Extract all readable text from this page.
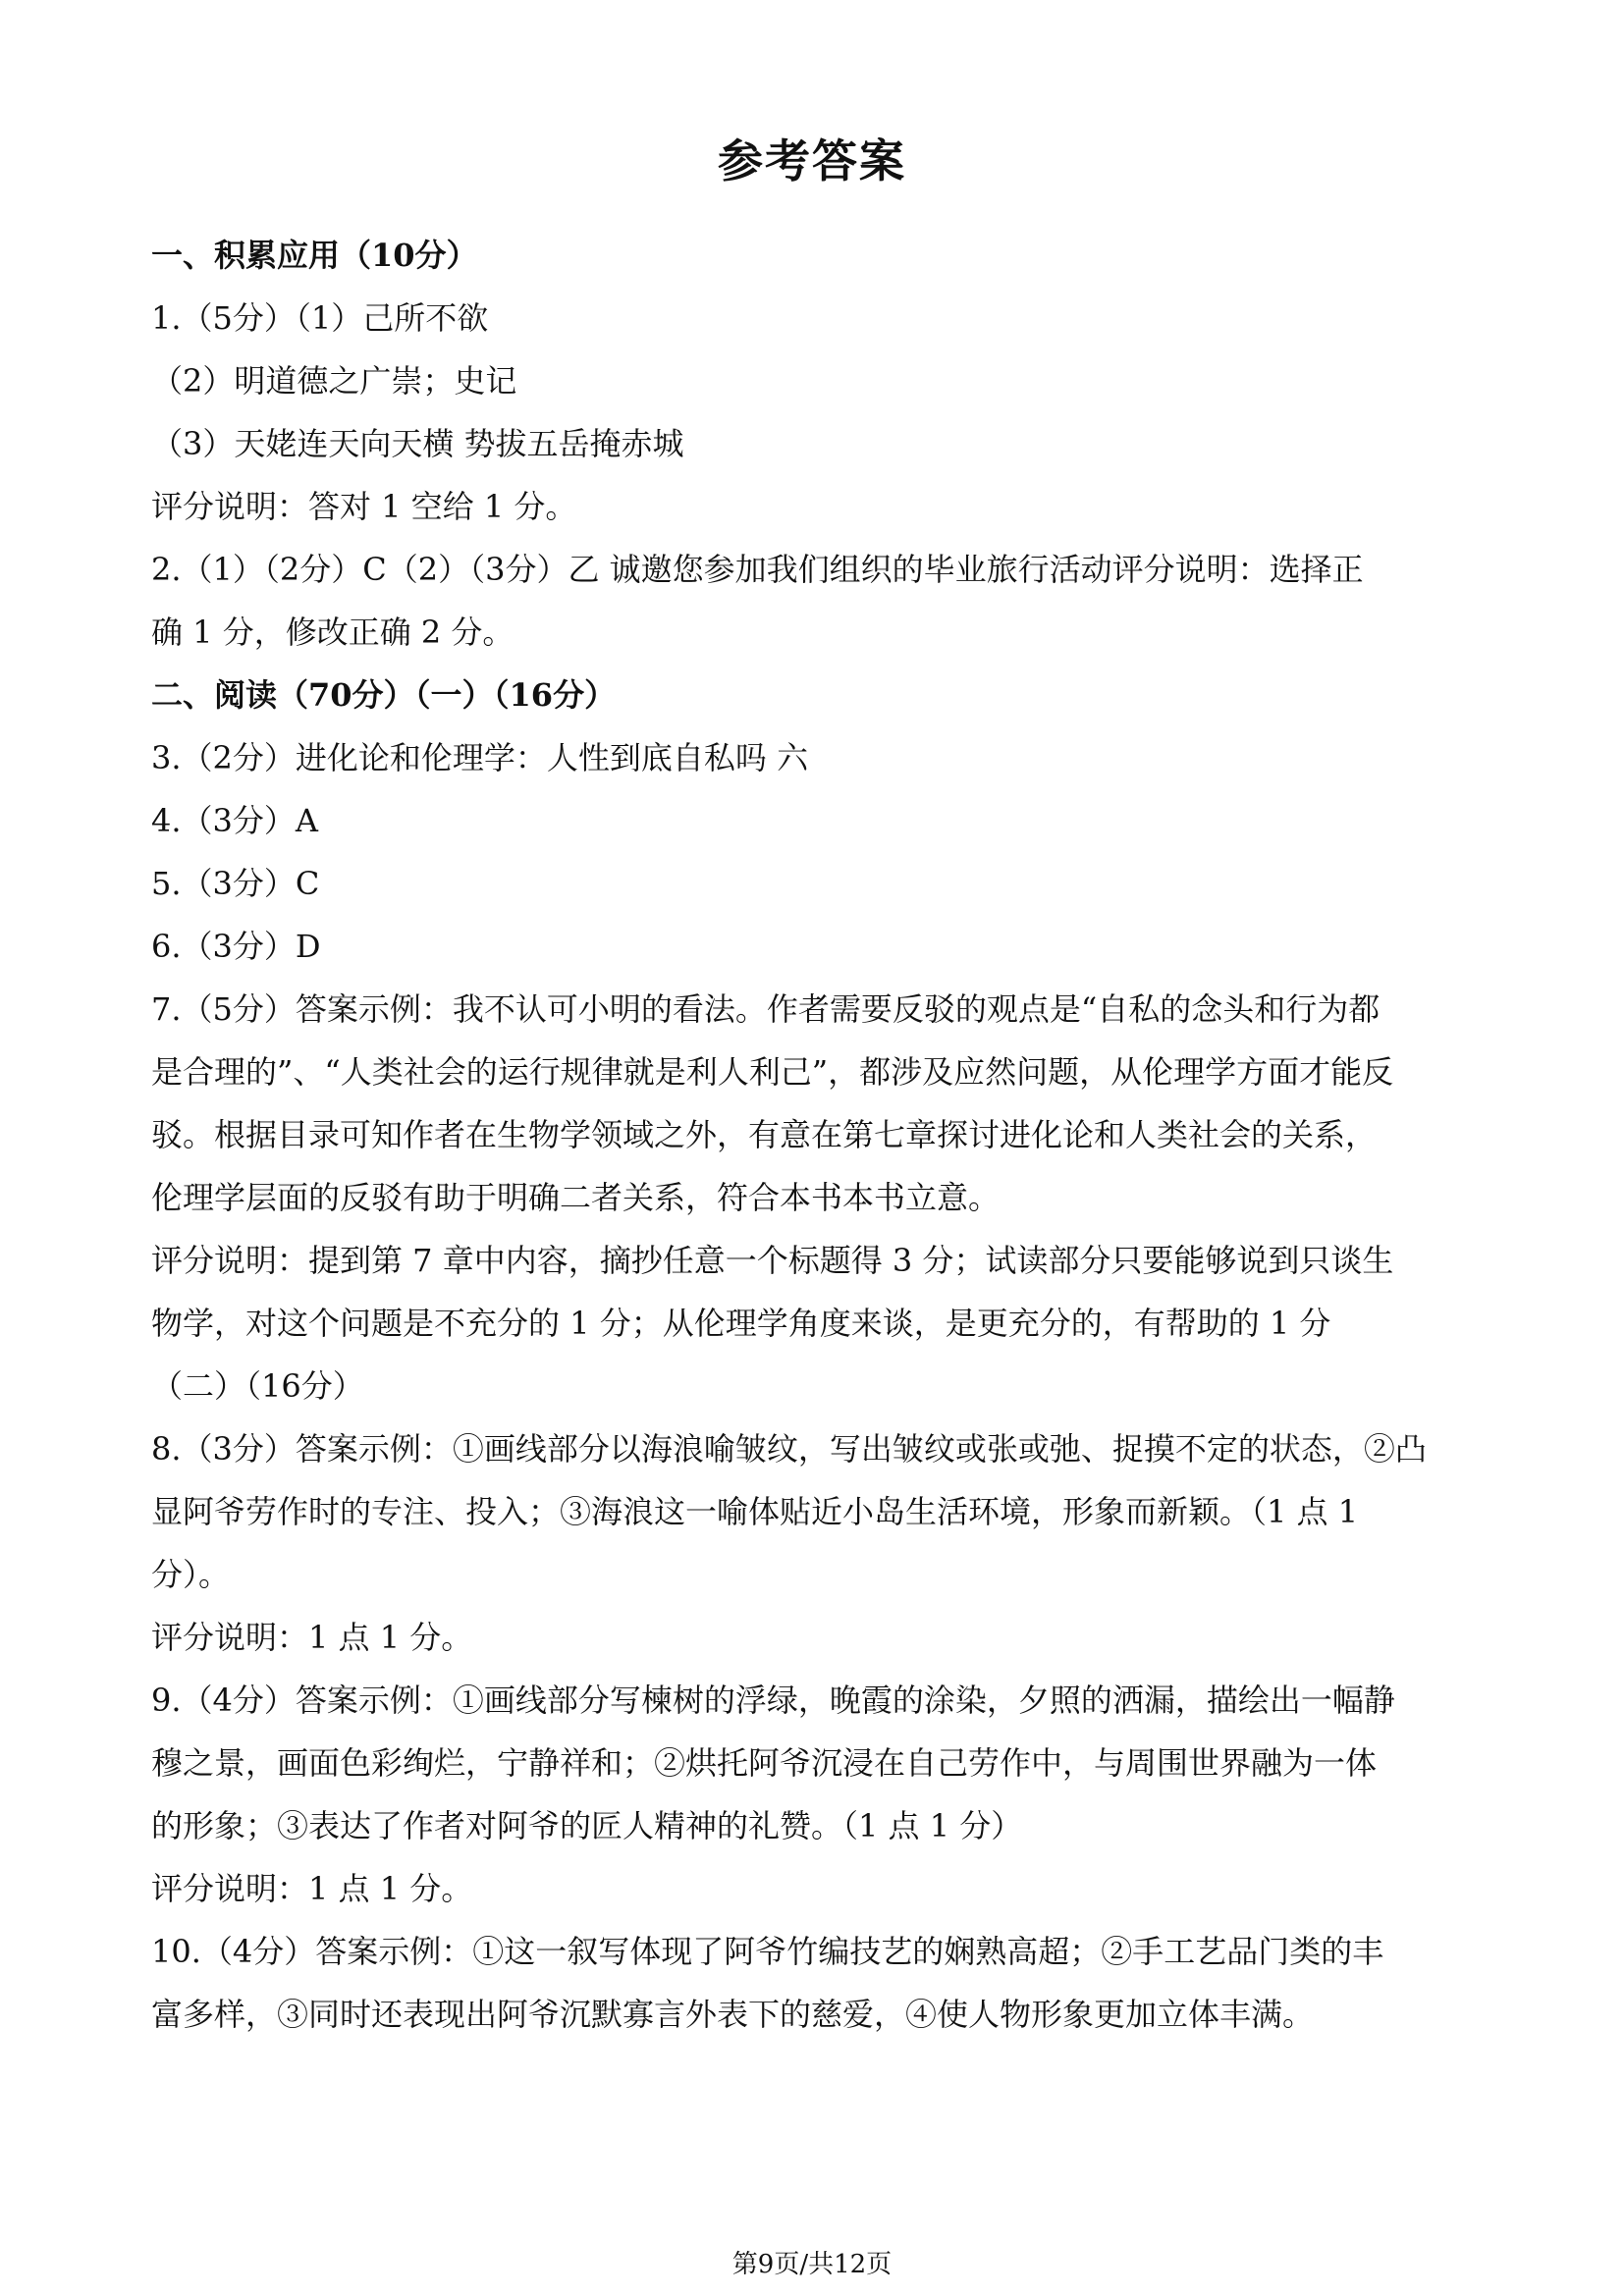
参考答案
一、积累应用（10分）
1.（5分）（1）己所不欲
（2）明道德之广崇；史记
（3）天姥连天向天横 势拔五岳掩赤城
评分说明：答对 1 空给 1 分。
2.（1）（2分）C（2）（3分）乙 诚邀您参加我们组织的毕业旅行活动评分说明：选择正
确 1 分，修改正确 2 分。
二、阅读（70分）（一）（16分）
3.（2分）进化论和伦理学：人性到底自私吗 六
4.（3分）A
5.（3分）C
6.（3分）D
7.（5分）答案示例：我不认可小明的看法。作者需要反驳的观点是“自私的念头和行为都
是合理的”、“人类社会的运行规律就是利人利己”，都涉及应然问题，从伦理学方面才能反
驳。根据目录可知作者在生物学领域之外，有意在第七章探讨进化论和人类社会的关系，
伦理学层面的反驳有助于明确二者关系，符合本书本书立意。
评分说明：提到第 7 章中内容，摘抄任意一个标题得 3 分；试读部分只要能够说到只谈生
物学，对这个问题是不充分的 1 分；从伦理学角度来谈，是更充分的，有帮助的 1 分
（二）（16分）
8.（3分）答案示例：①画线部分以海浪喻皱纹，写出皱纹或张或弛、捉摸不定的状态，②凸
显阿爷劳作时的专注、投入；③海浪这一喻体贴近小岛生活环境，形象而新颖。（1 点 1
分）。
评分说明：1 点 1 分。
9.（4分）答案示例：①画线部分写楝树的浮绿，晚霞的涂染，夕照的洒漏，描绘出一幅静
穆之景，画面色彩绚烂，宁静祥和；②烘托阿爷沉浸在自己劳作中，与周围世界融为一体
的形象；③表达了作者对阿爷的匠人精神的礼赞。（1 点 1 分）
评分说明：1 点 1 分。
10.（4分）答案示例：①这一叙写体现了阿爷竹编技艺的娴熟高超；②手工艺品门类的丰
富多样，③同时还表现出阿爷沉默寡言外表下的慈爱，④使人物形象更加立体丰满。
第9页/共12页
